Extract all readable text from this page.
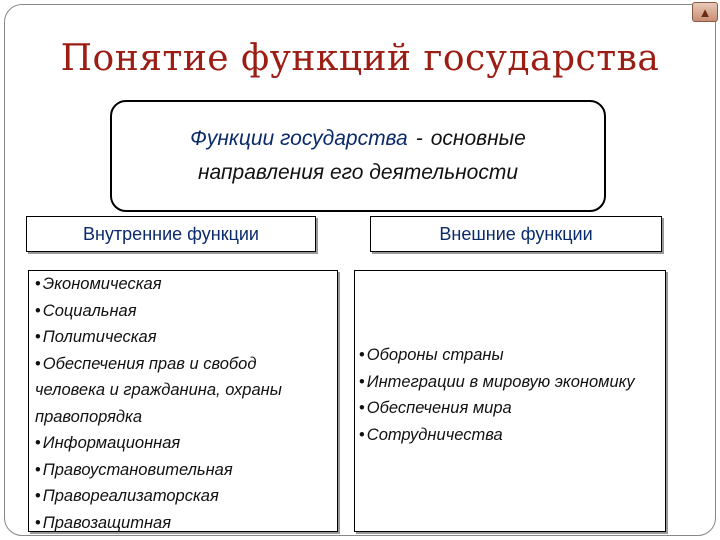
▲
Понятие функций государства
Функции государства - основные
направления его деятельности
Внутренние функции	Внешние функции
• Экономическая
• Социальная
• Политическая
• Обеспечения прав и свобод
человека и гражданина, охраны
правопорядка
• Информационная
• Правоустановительная
• Правореализаторская
• Правозащитная
• Обороны страны
• Интеграции в мировую экономику
• Обеспечения мира
• Сотрудничества
